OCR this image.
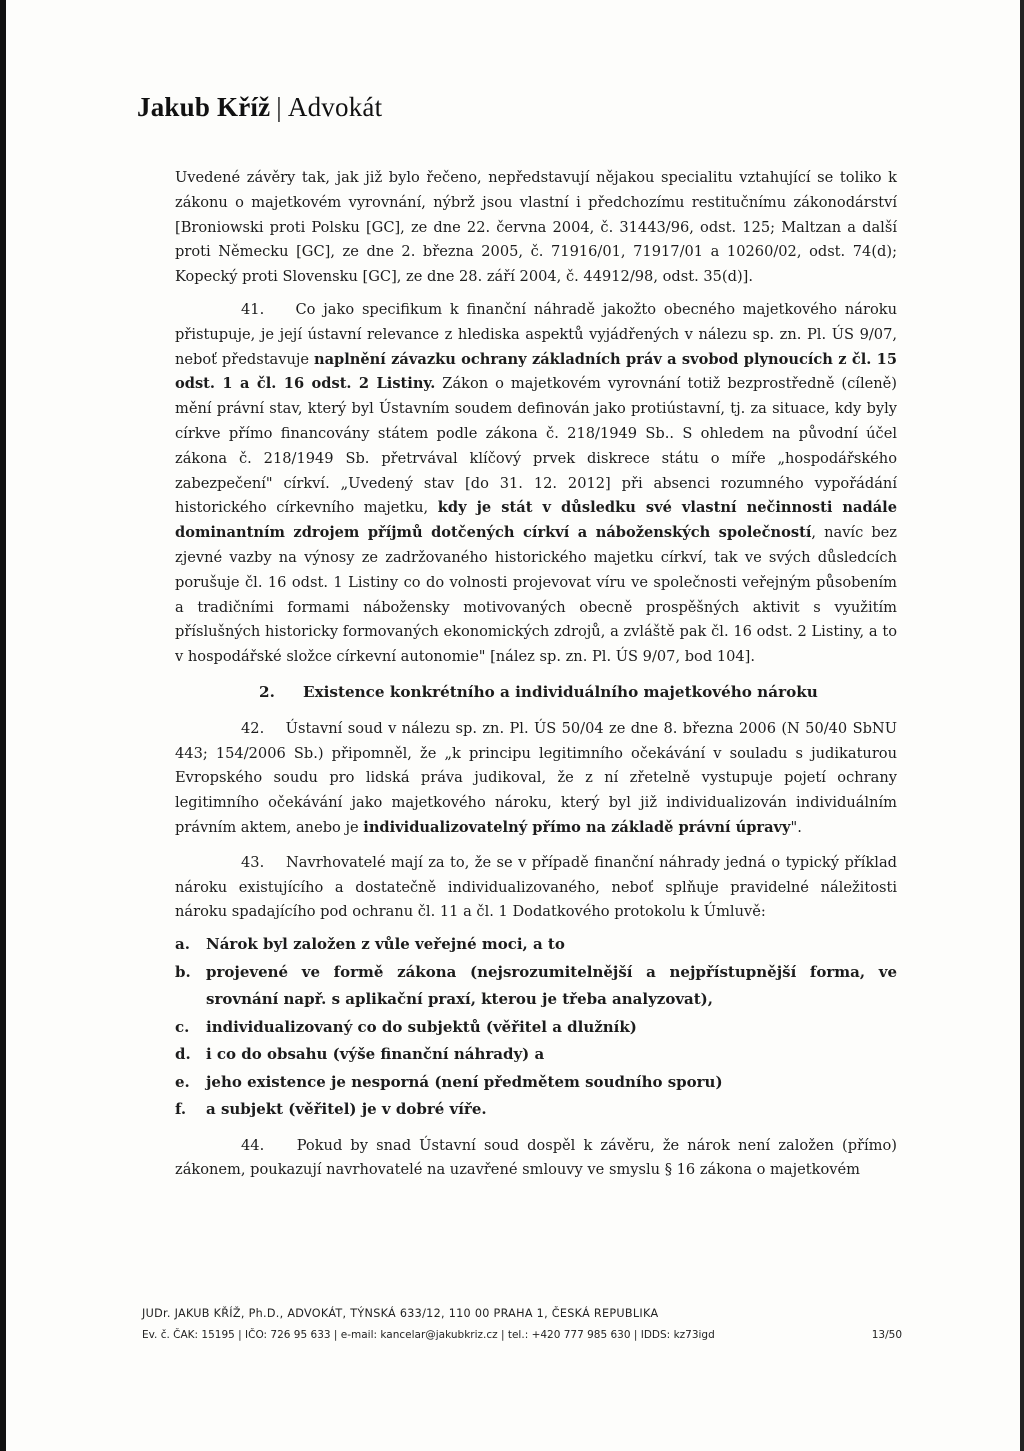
Jakub Kříž | Advokát

Uvedené závěry tak, jak již bylo řečeno, nepředstavují nějakou specialitu vztahující se toliko k zákonu o majetkovém vyrovnání, nýbrž jsou vlastní i předchozímu restitučnímu zákonodárství [Broniowski proti Polsku [GC], ze dne 22. června 2004, č. 31443/96, odst. 125; Maltzan a další proti Německu [GC], ze dne 2. března 2005, č. 71916/01, 71917/01 a 10260/02, odst. 74(d); Kopecký proti Slovensku [GC], ze dne 28. září 2004, č. 44912/98, odst. 35(d)].

41. Co jako specifikum k finanční náhradě jakožto obecného majetkového nároku přistupuje, je její ústavní relevance z hlediska aspektů vyjádřených v nálezu sp. zn. Pl. ÚS 9/07, neboť představuje naplnění závazku ochrany základních práv a svobod plynoucích z čl. 15 odst. 1 a čl. 16 odst. 2 Listiny. Zákon o majetkovém vyrovnání totiž bezprostředně (cíleně) mění právní stav, který byl Ústavním soudem definován jako protiústavní, tj. za situace, kdy byly církve přímo financovány státem podle zákona č. 218/1949 Sb.. S ohledem na původní účel zákona č. 218/1949 Sb. přetrvával klíčový prvek diskrece státu o míře „hospodářského zabezpečení" církví. „Uvedený stav [do 31. 12. 2012] při absenci rozumného vypořádání historického církevního majetku, kdy je stát v důsledku své vlastní nečinnosti nadále dominantním zdrojem příjmů dotčených církví a náboženských společností, navíc bez zjevné vazby na výnosy ze zadržovaného historického majetku církví, tak ve svých důsledcích porušuje čl. 16 odst. 1 Listiny co do volnosti projevovat víru ve společnosti veřejným působením a tradičními formami nábožensky motivovaných obecně prospěšných aktivit s využitím příslušných historicky formovaných ekonomických zdrojů, a zvláště pak čl. 16 odst. 2 Listiny, a to v hospodářské složce církevní autonomie" [nález sp. zn. Pl. ÚS 9/07, bod 104].

2. Existence konkrétního a individuálního majetkového nároku

42. Ústavní soud v nálezu sp. zn. Pl. ÚS 50/04 ze dne 8. března 2006 (N 50/40 SbNU 443; 154/2006 Sb.) připomněl, že „k principu legitimního očekávání v souladu s judikaturou Evropského soudu pro lidská práva judikoval, že z ní zřetelně vystupuje pojetí ochrany legitimního očekávání jako majetkového nároku, který byl již individualizován individuálním právním aktem, anebo je individualizovatelný přímo na základě právní úpravy".

43. Navrhovatelé mají za to, že se v případě finanční náhrady jedná o typický příklad nároku existujícího a dostatečně individualizovaného, neboť splňuje pravidelné náležitosti nároku spadajícího pod ochranu čl. 11 a čl. 1 Dodatkového protokolu k Úmluvě:

a.	Nárok byl založen z vůle veřejné moci, a to
b.	projevené ve formě zákona (nejsrozumitelnější a nejpřístupnější forma, ve srovnání např. s aplikační praxí, kterou je třeba analyzovat),
c.	individualizovaný co do subjektů (věřitel a dlužník)
d.	i co do obsahu (výše finanční náhrady) a
e.	jeho existence je nesporná (není předmětem soudního sporu)
f.	a subjekt (věřitel) je v dobré víře.

44. Pokud by snad Ústavní soud dospěl k závěru, že nárok není založen (přímo) zákonem, poukazují navrhovatelé na uzavřené smlouvy ve smyslu § 16 zákona o majetkovém

JUDr. JAKUB KŘÍŽ, Ph.D., ADVOKÁT, TÝNSKÁ 633/12, 110 00 PRAHA 1, ČESKÁ REPUBLIKA
Ev. č. ČAK: 15195 | IČO: 726 95 633 | e-mail: kancelar@jakubkriz.cz | tel.: +420 777 985 630 | IDDS: kz73igd	13/50
